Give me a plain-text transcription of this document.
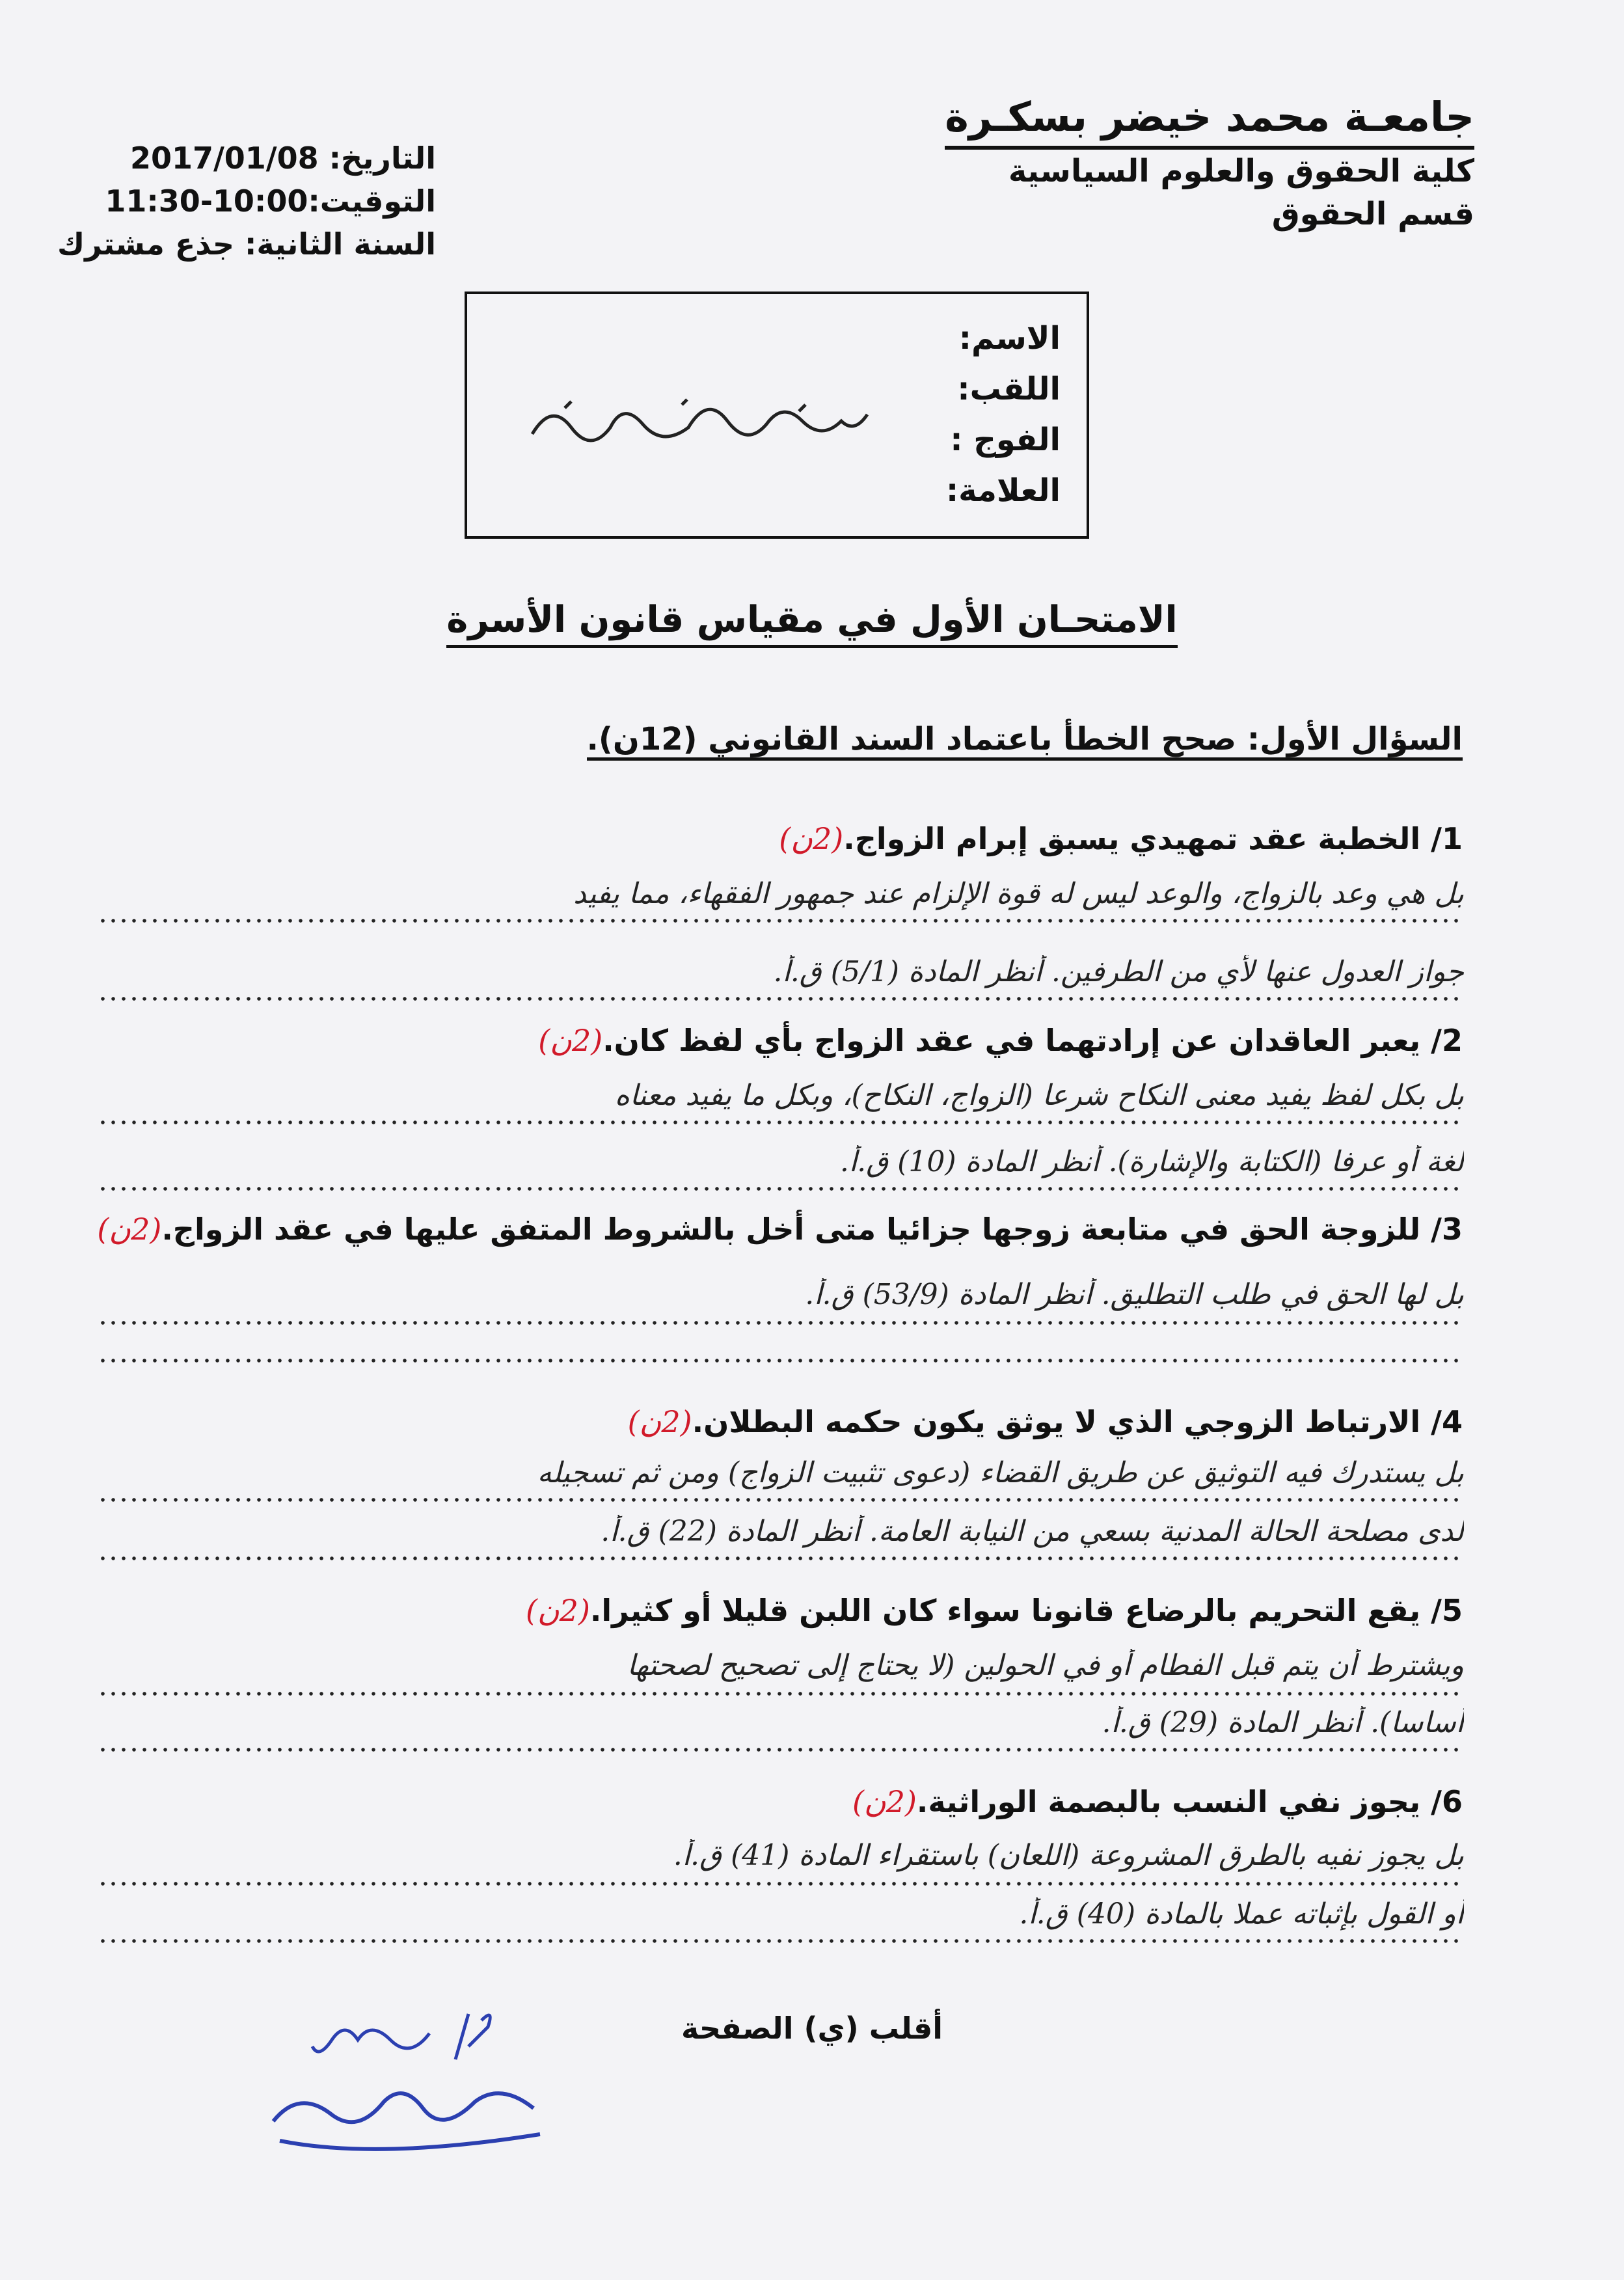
جامعـة محمد خيضر بسكـرة
كلية الحقوق والعلوم السياسية
قسم الحقوق
التاريخ: 2017/01/08
التوقيت:10:00-11:30
السنة الثانية: جذع مشترك
الاسم:
اللقب:
الفوج :
العلامة:
الامتحـان الأول في مقياس قانون الأسرة
السؤال الأول: صحح الخطأ باعتماد السند القانوني (12ن).
1/ الخطبة عقد تمهيدي يسبق إبرام الزواج.(2ن)
بل هي وعد بالزواج، والوعد ليس له قوة الإلزام عند جمهور الفقهاء، مما يفيد
جواز العدول عنها لأي من الطرفين. أنظر المادة (5/1) ق.أ.
2/ يعبر العاقدان عن إرادتهما في عقد الزواج بأي لفظ كان.(2ن)
بل بكل لفظ يفيد معنى النكاح شرعا (الزواج، النكاح)، وبكل ما يفيد معناه
لغة أو عرفا (الكتابة والإشارة). أنظر المادة (10) ق.أ.
3/ للزوجة الحق في متابعة زوجها جزائيا متى أخل بالشروط المتفق عليها في عقد الزواج.(2ن)
بل لها الحق في طلب التطليق. أنظر المادة (53/9) ق.أ.
4/ الارتباط الزوجي الذي لا يوثق يكون حكمه البطلان.(2ن)
بل يستدرك فيه التوثيق عن طريق القضاء (دعوى تثبيت الزواج) ومن ثم تسجيله
لدى مصلحة الحالة المدنية بسعي من النيابة العامة. أنظر المادة (22) ق.أ.
5/ يقع التحريم بالرضاع قانونا سواء كان اللبن قليلا أو كثيرا.(2ن)
ويشترط أن يتم قبل الفطام أو في الحولين (لا يحتاج إلى تصحيح لصحتها
أساسا). أنظر المادة (29) ق.أ.
6/ يجوز نفي النسب بالبصمة الوراثية.(2ن)
بل يجوز نفيه بالطرق المشروعة (اللعان) باستقراء المادة (41) ق.أ.
أو القول بإثباته عملا بالمادة (40) ق.أ.
أقلب (ي) الصفحة
